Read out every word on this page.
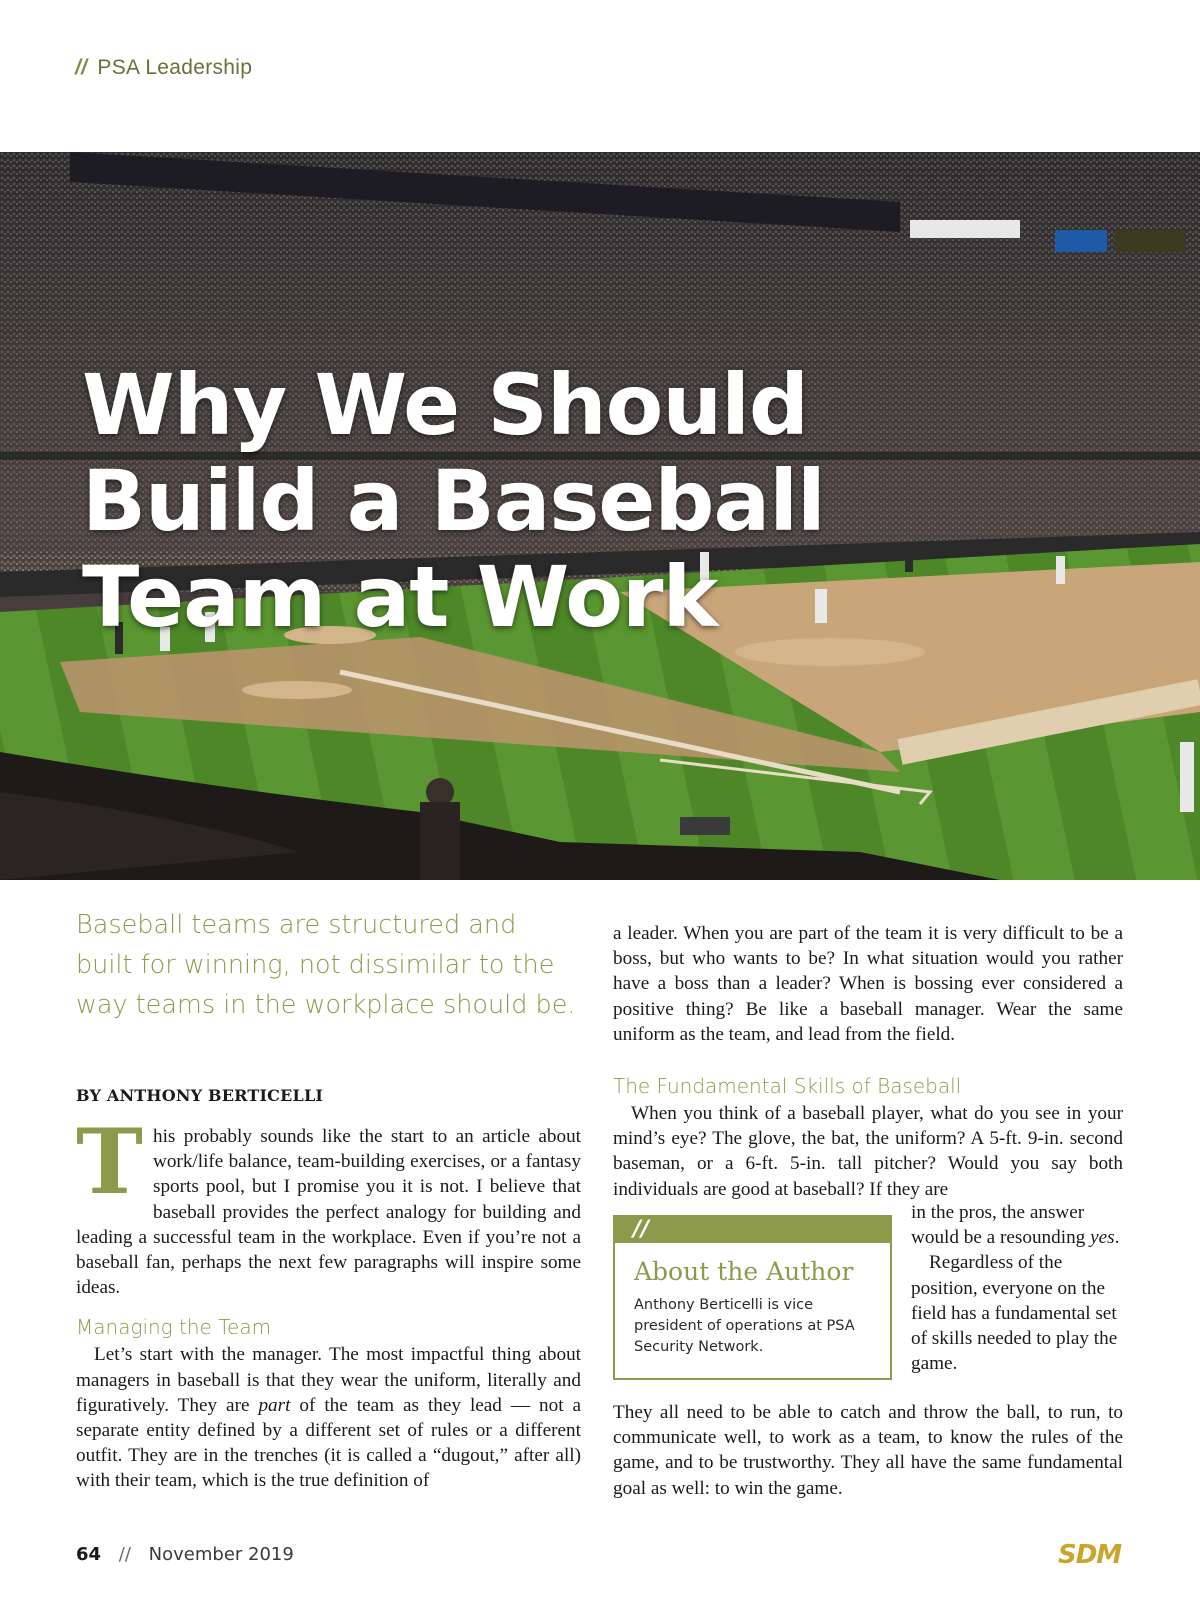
// PSA Leadership
Why We Should
Build a Baseball
Team at Work
Baseball teams are structured and built for winning, not dissimilar to the way teams in the workplace should be.
BY ANTHONY BERTICELLI

This probably sounds like the start to an article about work/life balance, team-building exercises, or a fantasy sports pool, but I promise you it is not. I believe that baseball provides the perfect analogy for building and leading a successful team in the workplace. Even if you’re not a baseball fan, perhaps the next few paragraphs will inspire some ideas.

Managing the Team

Let’s start with the manager. The most impactful thing about managers in baseball is that they wear the uniform, literally and figuratively. They are part of the team as they lead — not a separate entity defined by a different set of rules or a different outfit. They are in the trenches (it is called a “dugout,” after all) with their team, which is the true definition of

a leader. When you are part of the team it is very difficult to be a boss, but who wants to be? In what situation would you rather have a boss than a leader? When is bossing ever considered a positive thing? Be like a baseball manager. Wear the same uniform as the team, and lead from the field.

The Fundamental Skills of Baseball

When you think of a baseball player, what do you see in your mind’s eye? The glove, the bat, the uniform? A 5-ft. 9-in. second baseman, or a 6-ft. 5-in. tall pitcher? Would you say both individuals are good at baseball? If they are

//
About the Author
Anthony Berticelli is vice president of operations at PSA Security Network.

in the pros, the answer would be a resounding yes.

Regardless of the position, everyone on the field has a fundamental set of skills needed to play the game.

They all need to be able to catch and throw the ball, to run, to communicate well, to work as a team, to know the rules of the game, and to be trustworthy. They all have the same fundamental goal as well: to win the game.

64 // November 2019	SDM
